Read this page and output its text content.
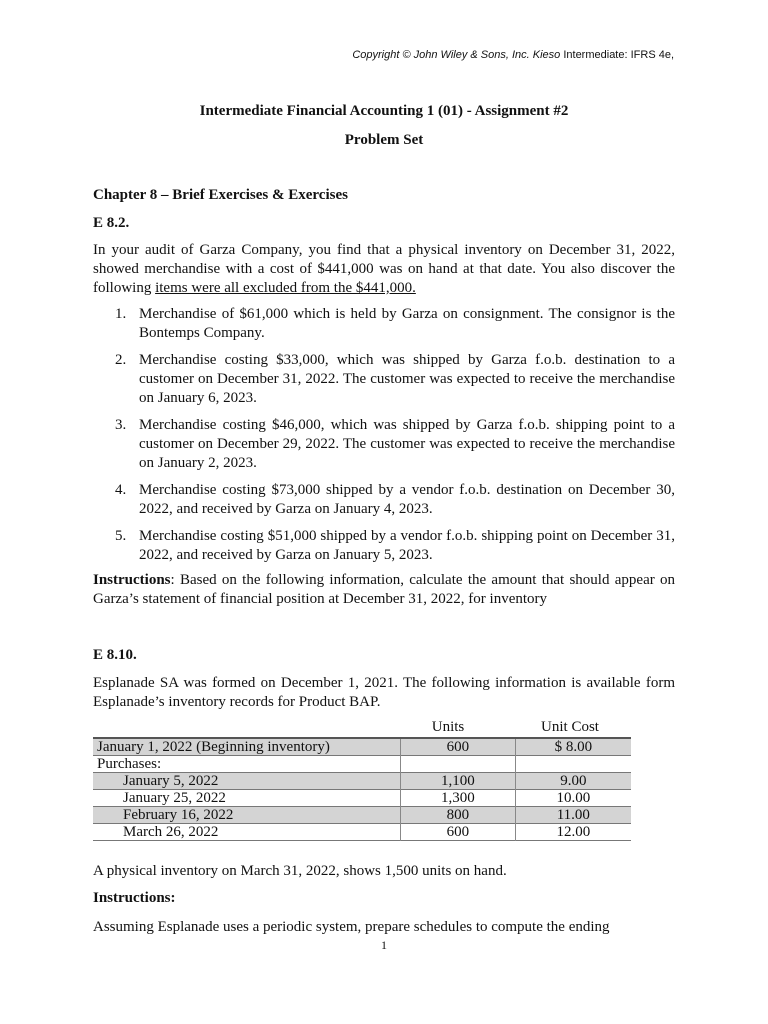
Copyright © John Wiley & Sons, Inc. Kieso Intermediate: IFRS 4e,
Intermediate Financial Accounting 1 (01) - Assignment #2
Problem Set
Chapter 8 – Brief Exercises & Exercises
E 8.2.
In your audit of Garza Company, you find that a physical inventory on December 31, 2022, showed merchandise with a cost of $441,000 was on hand at that date. You also discover the following items were all excluded from the $441,000.
1. Merchandise of $61,000 which is held by Garza on consignment. The consignor is the Bontemps Company.
2. Merchandise costing $33,000, which was shipped by Garza f.o.b. destination to a customer on December 31, 2022. The customer was expected to receive the merchandise on January 6, 2023.
3. Merchandise costing $46,000, which was shipped by Garza f.o.b. shipping point to a customer on December 29, 2022. The customer was expected to receive the merchandise on January 2, 2023.
4. Merchandise costing $73,000 shipped by a vendor f.o.b. destination on December 30, 2022, and received by Garza on January 4, 2023.
5. Merchandise costing $51,000 shipped by a vendor f.o.b. shipping point on December 31, 2022, and received by Garza on January 5, 2023.
Instructions: Based on the following information, calculate the amount that should appear on Garza’s statement of financial position at December 31, 2022, for inventory
E 8.10.
Esplanade SA was formed on December 1, 2021. The following information is available form Esplanade’s inventory records for Product BAP.
Units	Unit Cost
January 1, 2022 (Beginning inventory)	600	$ 8.00
Purchases:		
January 5, 2022	1,100	9.00
January 25, 2022	1,300	10.00
February 16, 2022	800	11.00
March 26, 2022	600	12.00
A physical inventory on March 31, 2022, shows 1,500 units on hand.
Instructions:
Assuming Esplanade uses a periodic system, prepare schedules to compute the ending
1
